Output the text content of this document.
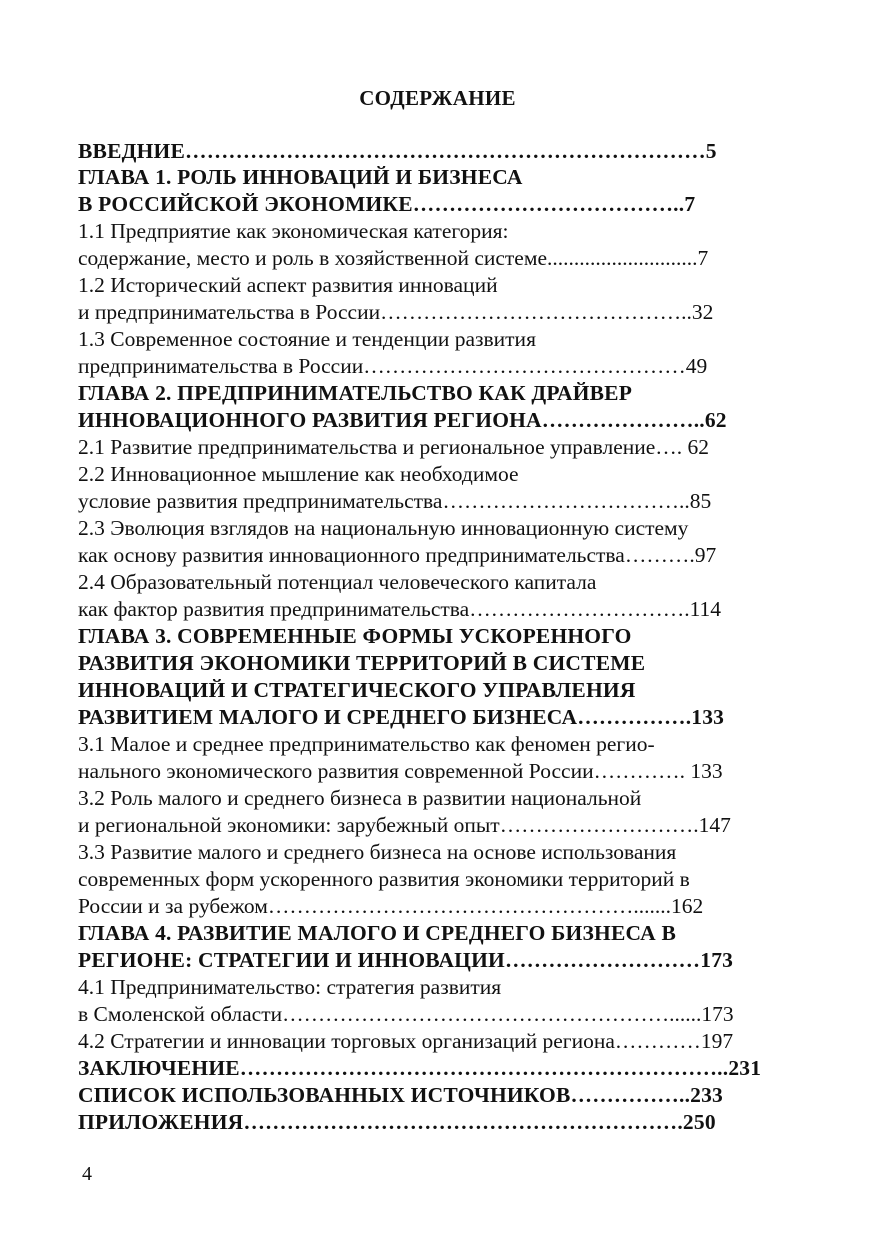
СОДЕРЖАНИЕ
ВВЕДНИЕ………………………………………………………………5
ГЛАВА 1. РОЛЬ ИННОВАЦИЙ И БИЗНЕСА
В РОССИЙСКОЙ ЭКОНОМИКЕ………………………………..7
1.1 Предприятие как экономическая категория:
содержание, место и роль в хозяйственной системе............................7
1.2 Исторический аспект развития инноваций
и предпринимательства в России……………………………………..32
1.3 Современное состояние и тенденции развития
предпринимательства в России………………………………………49
ГЛАВА 2. ПРЕДПРИНИМАТЕЛЬСТВО КАК ДРАЙВЕР
ИННОВАЦИОННОГО РАЗВИТИЯ РЕГИОНА…………………..62
2.1 Развитие предпринимательства и региональное управление…. 62
2.2 Инновационное мышление как необходимое
условие развития предпринимательства……………………………..85
2.3 Эволюция взглядов на национальную инновационную систему
как основу развития инновационного предпринимательства……….97
2.4 Образовательный потенциал человеческого капитала
как фактор развития предпринимательства………………………….114
ГЛАВА 3. СОВРЕМЕННЫЕ ФОРМЫ УСКОРЕННОГО
РАЗВИТИЯ ЭКОНОМИКИ ТЕРРИТОРИЙ В СИСТЕМЕ
ИННОВАЦИЙ И СТРАТЕГИЧЕСКОГО УПРАВЛЕНИЯ
РАЗВИТИЕМ МАЛОГО И СРЕДНЕГО БИЗНЕСА…………….133
3.1 Малое и среднее предпринимательство как феномен регио-
нального экономического развития современной России…………. 133
3.2 Роль малого и среднего бизнеса в развитии национальной
и региональной экономики: зарубежный опыт……………………….147
3.3 Развитие малого и среднего бизнеса на основе использования
современных форм ускоренного развития экономики территорий в
России и за рубежом…………………………………………….......162
ГЛАВА 4. РАЗВИТИЕ МАЛОГО И СРЕДНЕГО БИЗНЕСА В
РЕГИОНЕ: СТРАТЕГИИ И ИННОВАЦИИ………………………173
4.1 Предпринимательство: стратегия развития
в Смоленской области………………………………………………......173
4.2 Стратегии и инновации торговых организаций региона…………197
ЗАКЛЮЧЕНИЕ…………………………………………………………..231
СПИСОК ИСПОЛЬЗОВАННЫХ ИСТОЧНИКОВ……………..233
ПРИЛОЖЕНИЯ…………………………………………………….250
4
